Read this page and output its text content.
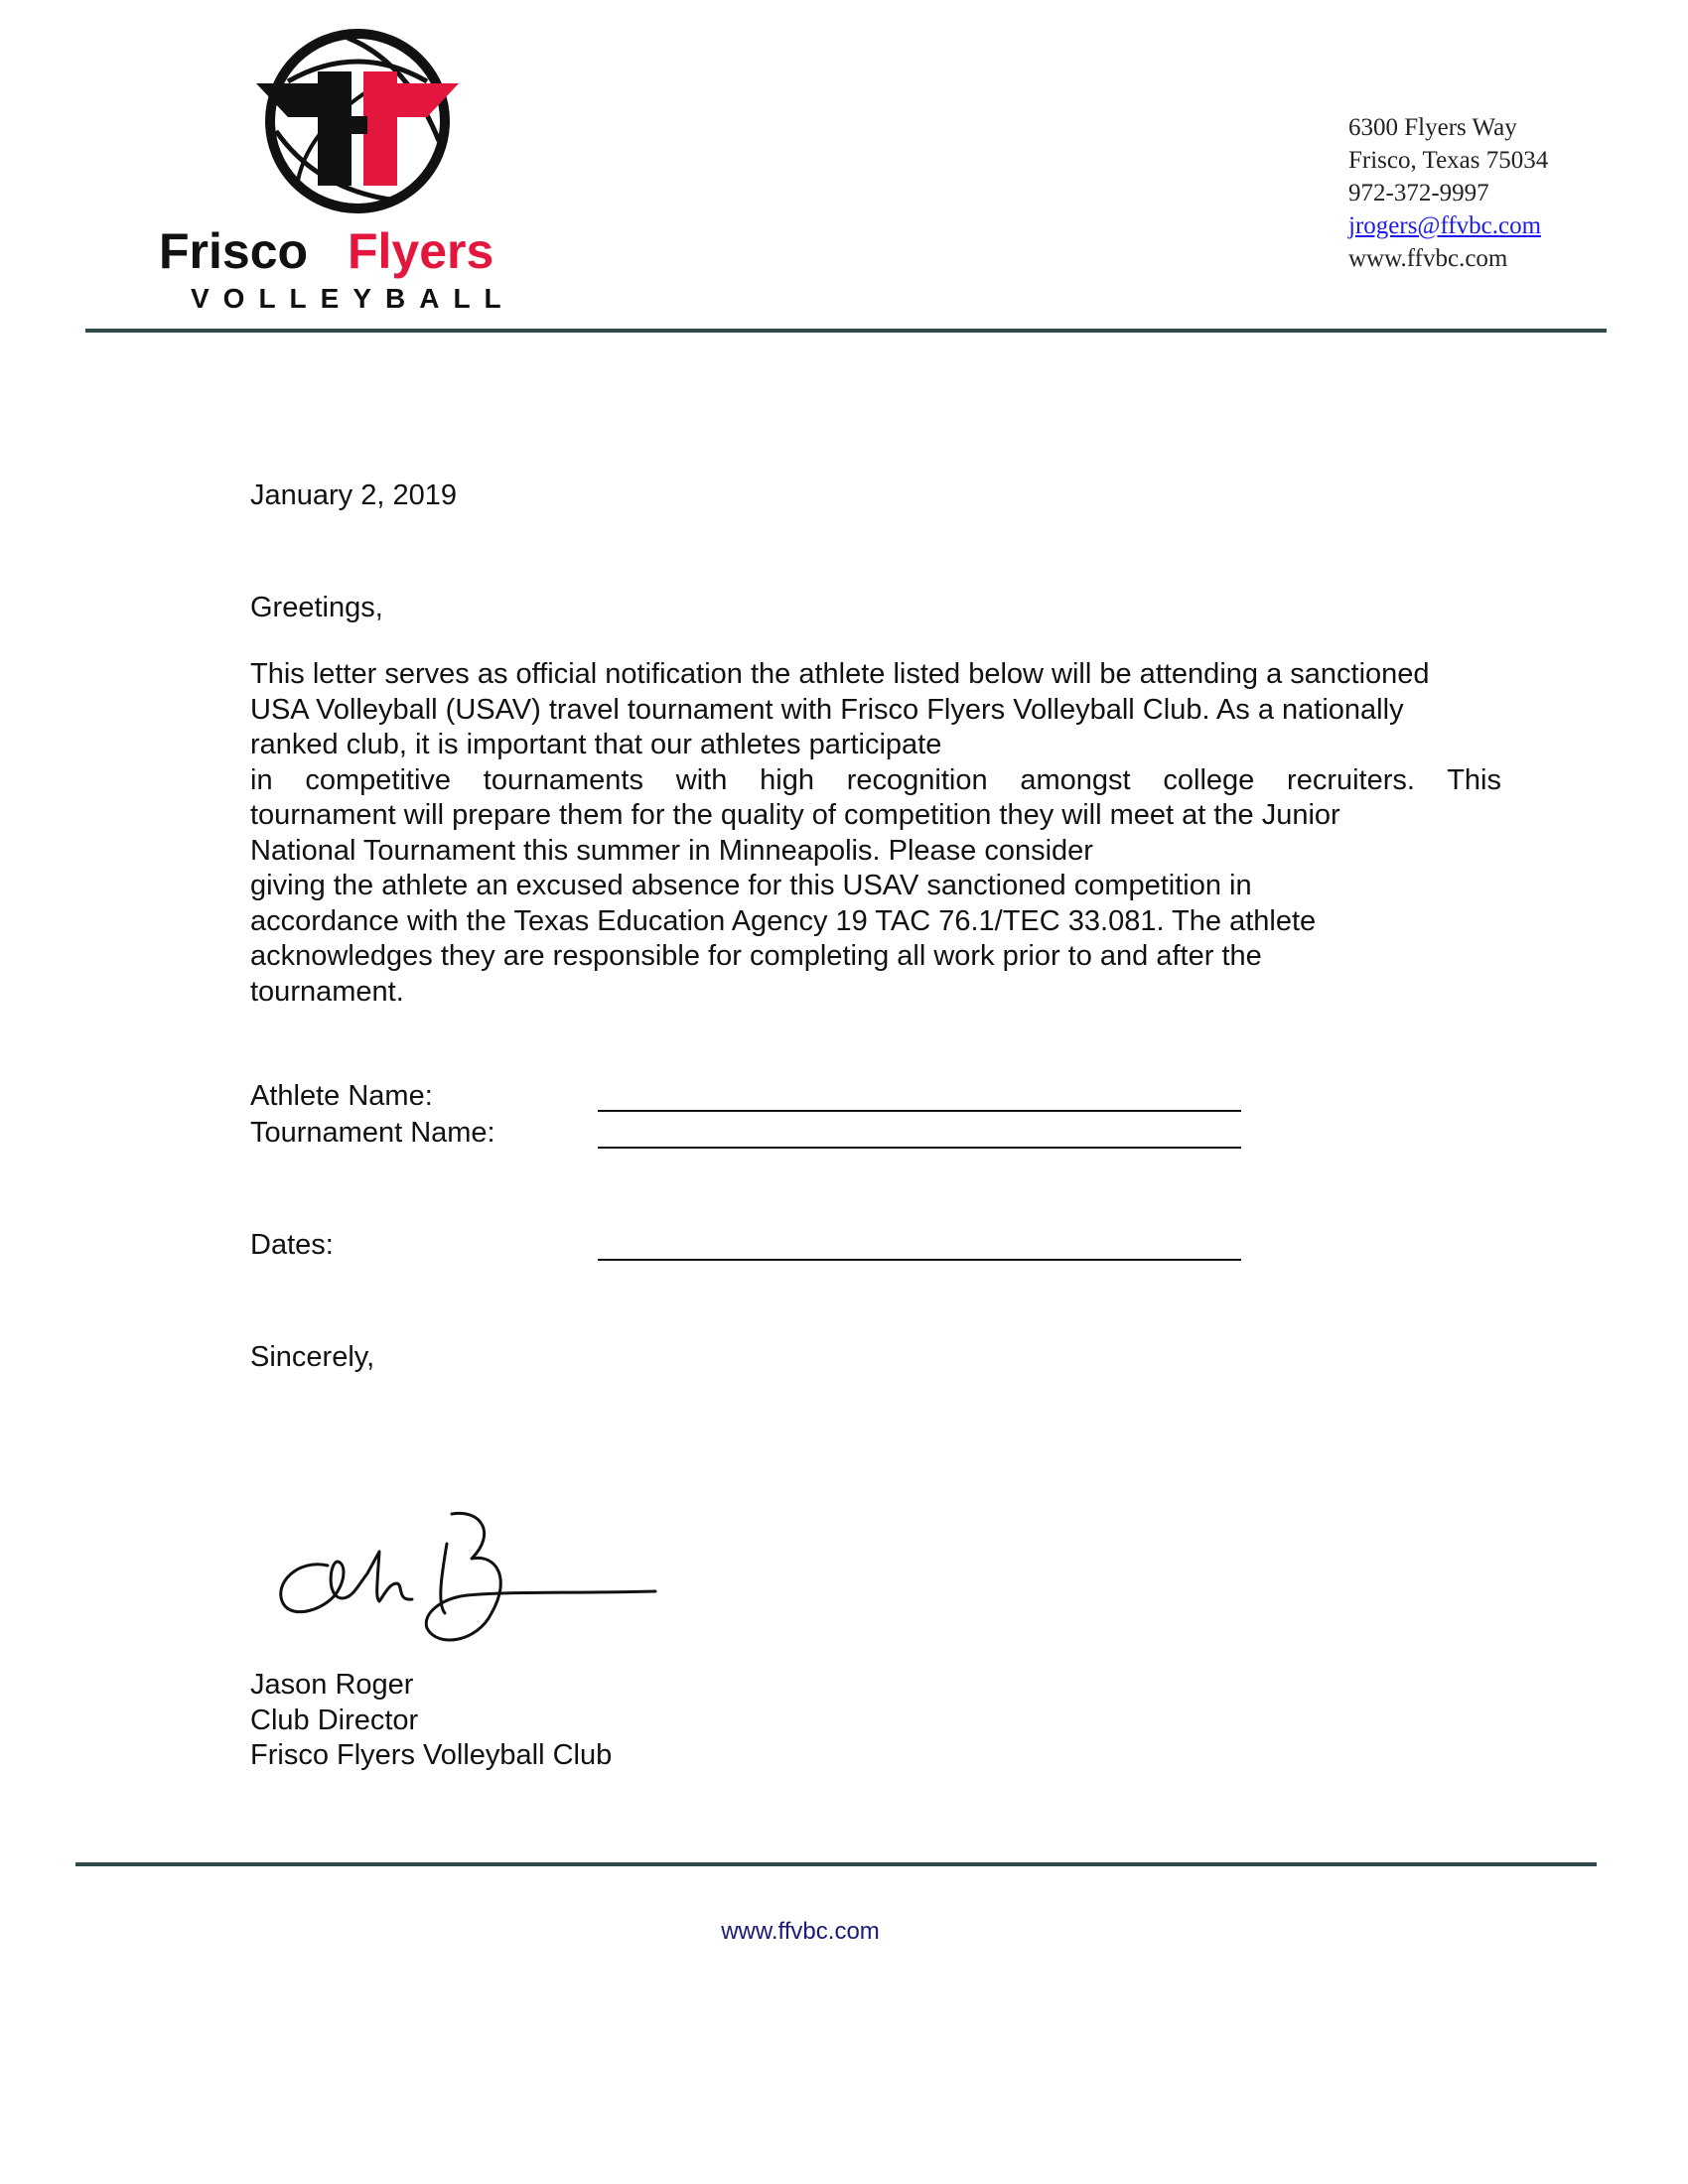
Frisco Flyers
VOLLEYBALL
6300 Flyers Way
Frisco, Texas 75034
972-372-9997
jrogers@ffvbc.com
www.ffvbc.com
January 2, 2019
Greetings,

This letter serves as official notification the athlete listed below will be attending a sanctioned

USA Volleyball (USAV) travel tournament with Frisco Flyers Volleyball Club. As a nationally

ranked club, it is important that our athletes participate

in competitive tournaments with high recognition amongst college recruiters. This

tournament will prepare them for the quality of competition they will meet at the Junior

National Tournament this summer in Minneapolis. Please consider

giving the athlete an excused absence for this USAV sanctioned competition in

accordance with the Texas Education Agency 19 TAC 76.1/TEC 33.081. The athlete

acknowledges they are responsible for completing all work prior to and after the

tournament.

Athlete Name:
Tournament Name:
Dates:
Sincerely,
Jason Roger
Club Director
Frisco Flyers Volleyball Club
www.ffvbc.com
